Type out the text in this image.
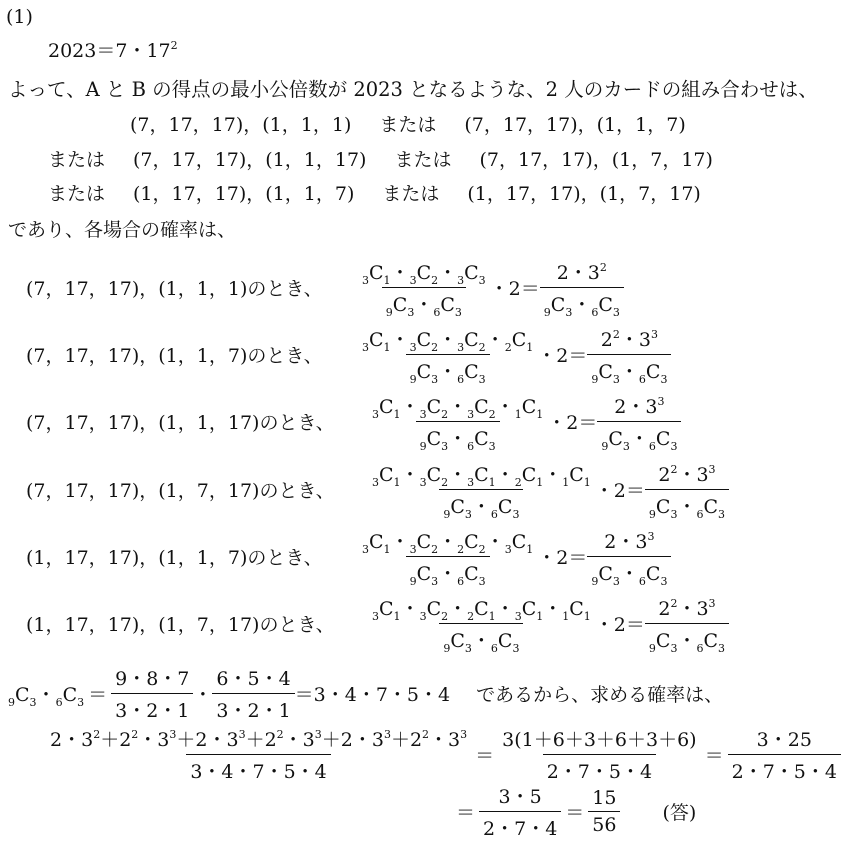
(1)
2023＝7・$17^2$
よって、A と B の得点の最小公倍数が 2023 となるような、2 人のカードの組み合わせは、
(7，17，17)，(1，1，1) または (7，17，17)，(1，1，7)
または (7，17，17)，(1，1，17) または (7，17，17)，(1，7，17)
または (1，17，17)，(1，1，7) または (1，17，17)，(1，7，17)
であり、各場合の確率は、
(7，17，17)，(1，1，1)のとき、	$\frac{_3C_1・_3C_2・_3C_3}{_9C_3・_6C_3}$ ・$2= \frac{2・3^2}{_9C_3・_6C_3}$
(7，17，17)，(1，1，7)のとき、	$\frac{_3C_1・_3C_2・_3C_2・_2C_1}{_9C_3・_6C_3}$ ・$2= \frac{2^2・3^3}{_9C_3・_6C_3}$
(7，17，17)，(1，1，17)のとき、	$\frac{_3C_1・_3C_2・_3C_2・_1C_1}{_9C_3・_6C_3}$ ・$2= \frac{2・3^3}{_9C_3・_6C_3}$
(7，17，17)，(1，7，17)のとき、	$\frac{_3C_1・_3C_2・_3C_1・_2C_1・_1C_1}{_9C_3・_6C_3}$ ・$2= \frac{2^2・3^3}{_9C_3・_6C_3}$
(1，17，17)，(1，1，7)のとき、	$\frac{_3C_1・_3C_2・_2C_2・_3C_1}{_9C_3・_6C_3}$ ・$2= \frac{2・3^3}{_9C_3・_6C_3}$
(1，17，17)，(1，7，17)のとき、	$\frac{_3C_1・_3C_2・_2C_1・_3C_1・_1C_1}{_9C_3・_6C_3}$ ・$2= \frac{2^2・3^3}{_9C_3・_6C_3}$
$_9C_3$・$_6C_3 = \frac{9・8・7}{3・2・1}$ ・ $\frac{6・5・4}{3・2・1} =3$・4・7・5・4 であるから、求める確率は、
$\frac{2・3^2+2^2・3^3+2・3^3+2^2・3^3+2・3^3+2^2・3^3}{3・4・7・5・4} = \frac{3(1+6+3+6+3+6)}{2・7・5・4} = \frac{3・25}{2・7・5・4}$
＝ $\frac{3・5}{2・7・4} = \frac{15}{56}$ (答)
